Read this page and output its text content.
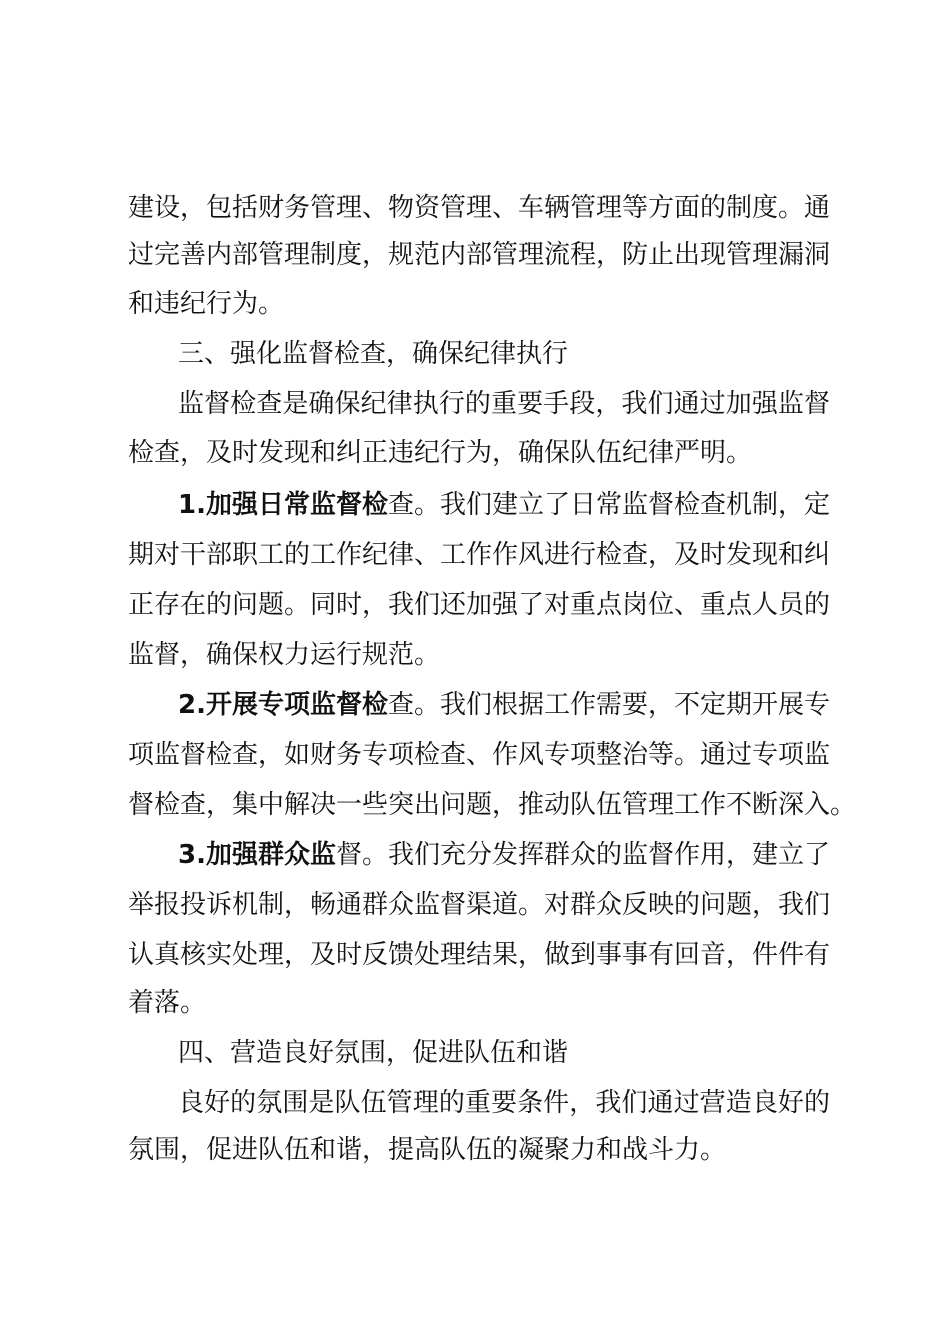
建设，包括财务管理、物资管理、车辆管理等方面的制度。通
过完善内部管理制度，规范内部管理流程，防止出现管理漏洞
和违纪行为。
三、强化监督检查，确保纪律执行
监督检查是确保纪律执行的重要手段，我们通过加强监督
检查，及时发现和纠正违纪行为，确保队伍纪律严明。
1.加强日常监督检查。我们建立了日常监督检查机制，定
期对干部职工的工作纪律、工作作风进行检查，及时发现和纠
正存在的问题。同时，我们还加强了对重点岗位、重点人员的
监督，确保权力运行规范。
2.开展专项监督检查。我们根据工作需要，不定期开展专
项监督检查，如财务专项检查、作风专项整治等。通过专项监
督检查，集中解决一些突出问题，推动队伍管理工作不断深入。
3.加强群众监督。我们充分发挥群众的监督作用，建立了
举报投诉机制，畅通群众监督渠道。对群众反映的问题，我们
认真核实处理，及时反馈处理结果，做到事事有回音，件件有
着落。
四、营造良好氛围，促进队伍和谐
良好的氛围是队伍管理的重要条件，我们通过营造良好的
氛围，促进队伍和谐，提高队伍的凝聚力和战斗力。
